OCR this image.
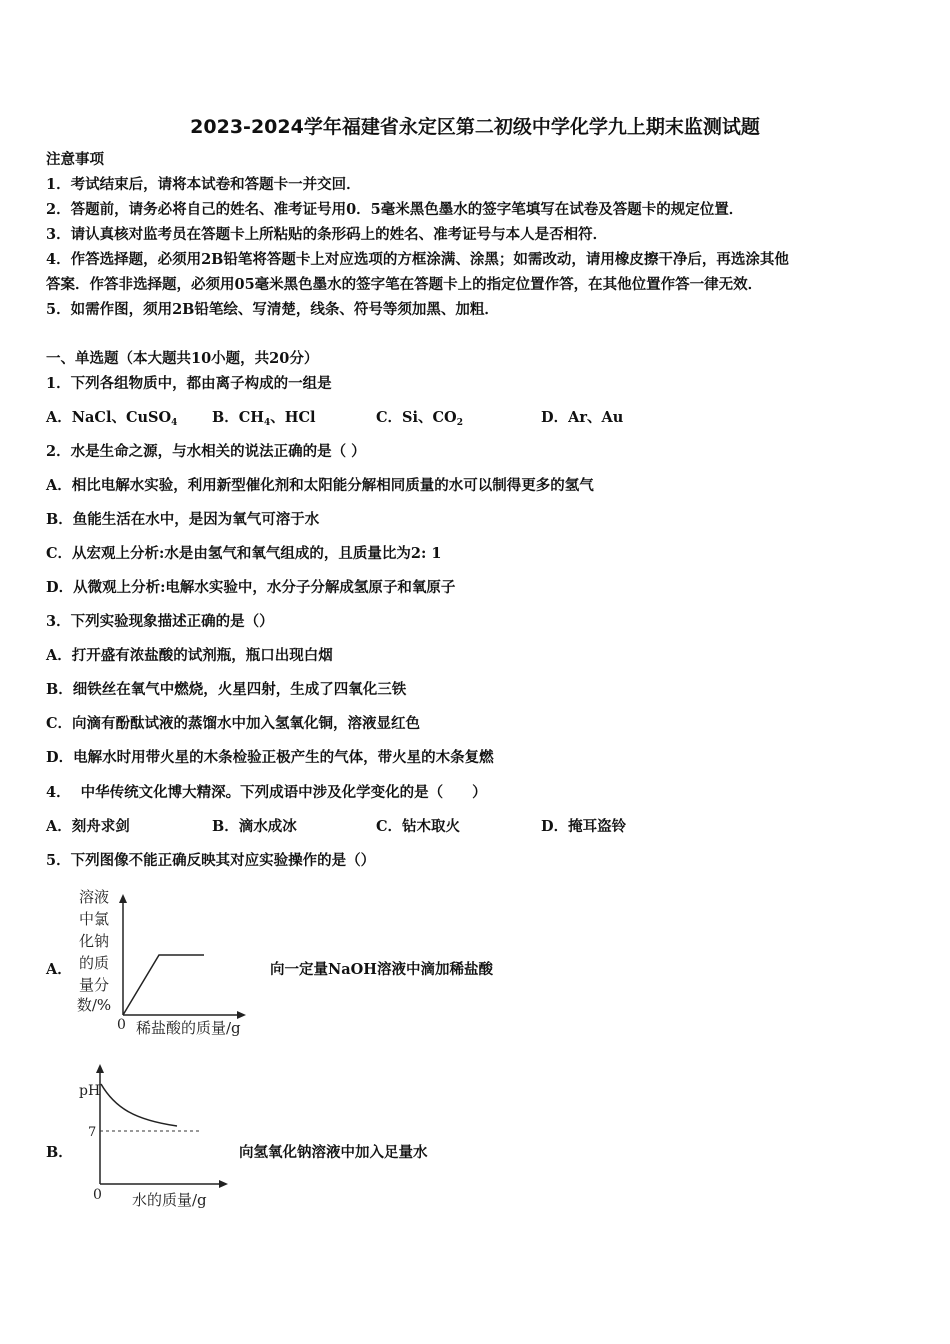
2023-2024学年福建省永定区第二初级中学化学九上期末监测试题
注意事项
1．考试结束后，请将本试卷和答题卡一并交回．
2．答题前，请务必将自己的姓名、准考证号用0．5毫米黑色墨水的签字笔填写在试卷及答题卡的规定位置．
3．请认真核对监考员在答题卡上所粘贴的条形码上的姓名、准考证号与本人是否相符．
4．作答选择题，必须用2B铅笔将答题卡上对应选项的方框涂满、涂黑；如需改动，请用橡皮擦干净后，再选涂其他
答案．作答非选择题，必须用05毫米黑色墨水的签字笔在答题卡上的指定位置作答，在其他位置作答一律无效．
5．如需作图，须用2B铅笔绘、写清楚，线条、符号等须加黑、加粗．
一、单选题（本大题共10小题，共20分）
1．下列各组物质中，都由离子构成的一组是
A．NaCl、CuSO$_4$ B．$CH_4$、HCl	C．Si、$CO_2$	D．Ar、Au
2．水是生命之源，与水相关的说法正确的是（ ）
A．相比电解水实验，利用新型催化剂和太阳能分解相同质量的水可以制得更多的氢气
B．鱼能生活在水中，是因为氧气可溶于水
C．从宏观上分析:水是由氢气和氧气组成的，且质量比为2: 1
D．从微观上分析:电解水实验中，水分子分解成氢原子和氧原子
3．下列实验现象描述正确的是（）
A．打开盛有浓盐酸的试剂瓶，瓶口出现白烟
B．细铁丝在氧气中燃烧，火星四射，生成了四氧化三铁
C．向滴有酚酞试液的蒸馏水中加入氢氧化铜，溶液显红色
D．电解水时用带火星的木条检验正极产生的气体，带火星的木条复燃
4．  中华传统文化博大精深。下列成语中涉及化学变化的是（　　）
A．刻舟求剑	B．滴水成冰	C．钻木取火	D．掩耳盗铃
5．下列图像不能正确反映其对应实验操作的是（）
A．
溶液
中氯
化钠
的质
量分
数/%
0 稀盐酸的质量/g
向一定量NaOH溶液中滴加稀盐酸
B．
pH
7
0 水的质量/g
向氢氧化钠溶液中加入足量水
